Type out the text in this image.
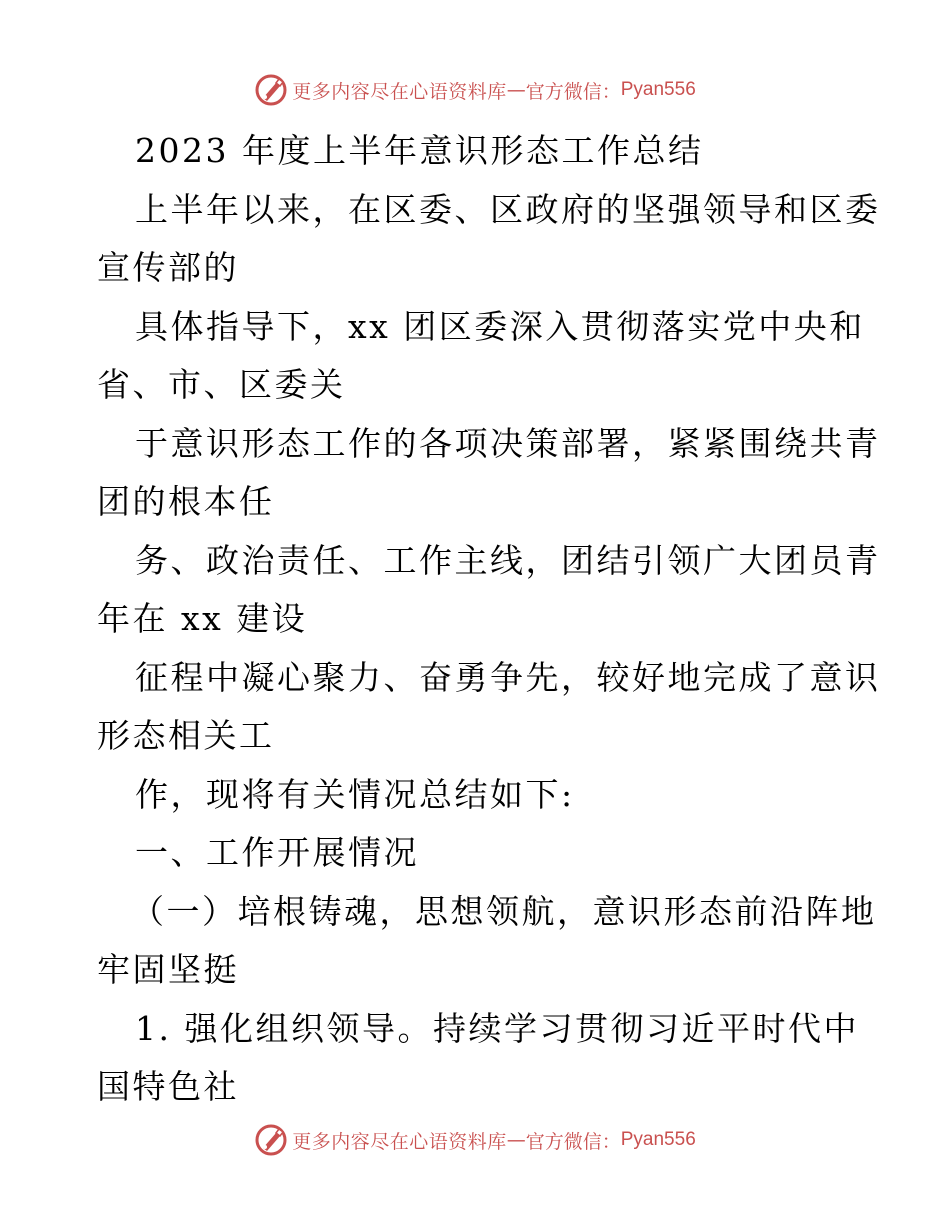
更多内容尽在心语资料库 — 官方微信： Pyan556
2023 年度上半年意识形态工作总结
上半年以来，在区委、区政府的坚强领导和区委
宣传部的
具体指导下，xx 团区委深入贯彻落实党中央和
省、市、区委关
于意识形态工作的各项决策部署，紧紧围绕共青
团的根本任
务、政治责任、工作主线，团结引领广大团员青
年在 xx 建设
征程中凝心聚力、奋勇争先，较好地完成了意识
形态相关工
作，现将有关情况总结如下:
一、工作开展情况
（一）培根铸魂，思想领航，意识形态前沿阵地
牢固坚挺
1. 强化组织领导。持续学习贯彻习近平时代中
国特色社
更多内容尽在心语资料库 — 官方微信： Pyan556
